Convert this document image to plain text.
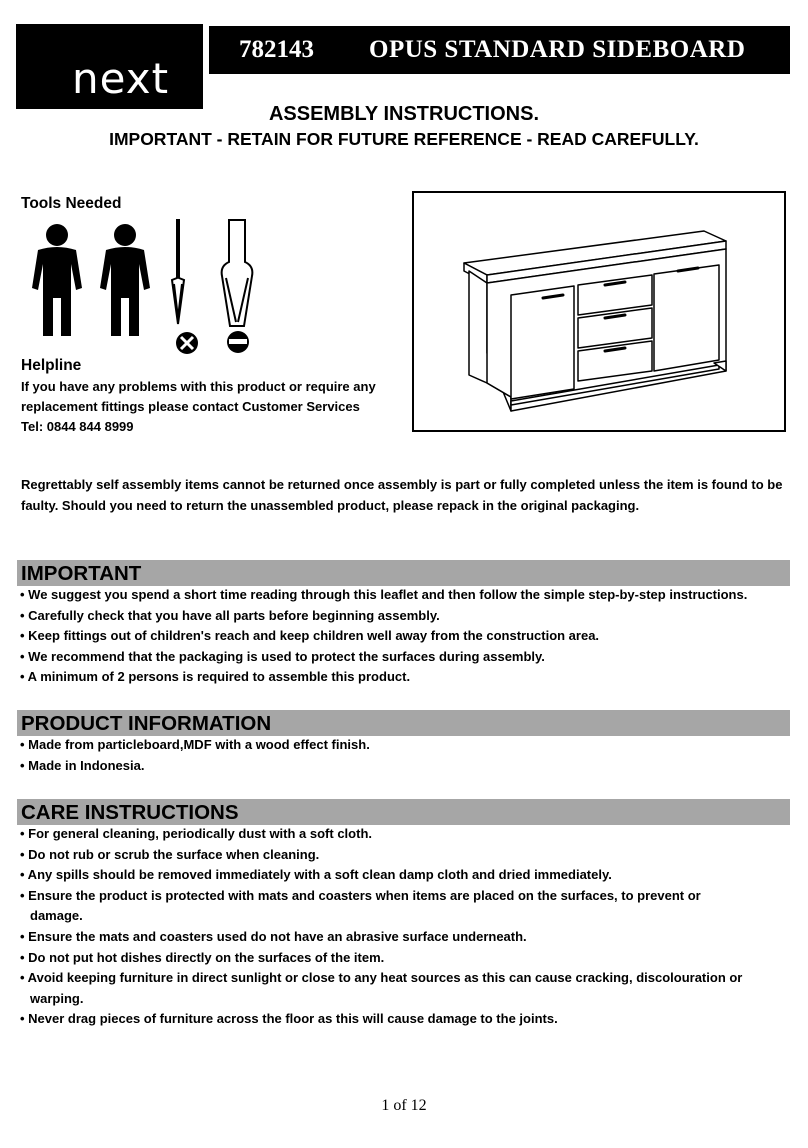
next
782143 OPUS STANDARD SIDEBOARD
ASSEMBLY INSTRUCTIONS.
IMPORTANT - RETAIN FOR FUTURE REFERENCE - READ CAREFULLY.
Tools Needed
Helpline
If you have any problems with this product or require any replacement fittings please contact Customer Services Tel: 0844 844 8999
Regrettably self assembly items cannot be returned once assembly is part or fully completed unless the item is found to be faulty. Should you need to return the unassembled product, please repack in the original packaging.
IMPORTANT
• We suggest you spend a short time reading through this leaflet and then follow the simple step-by-step instructions.
• Carefully check that you have all parts before beginning assembly.
• Keep fittings out of children's reach and keep children well away from the construction area.
• We recommend that the packaging is used to protect the surfaces during assembly.
• A minimum of 2 persons is required to assemble this product.
PRODUCT INFORMATION
• Made from particleboard,MDF with a wood effect finish.
• Made in Indonesia.
CARE INSTRUCTIONS
• For general cleaning, periodically dust with a soft cloth.
• Do not rub or scrub the surface when cleaning.
• Any spills should be removed immediately with a soft clean damp cloth and dried immediately.
• Ensure the product is protected with mats and coasters when items are placed on the surfaces, to prevent or damage.
• Ensure the mats and coasters used do not have an abrasive surface underneath.
• Do not put hot dishes directly on the surfaces of the item.
• Avoid keeping furniture in direct sunlight or close to any heat sources as this can cause cracking, discolouration or warping.
• Never drag pieces of furniture across the floor as this will cause damage to the joints.
1 of 12
